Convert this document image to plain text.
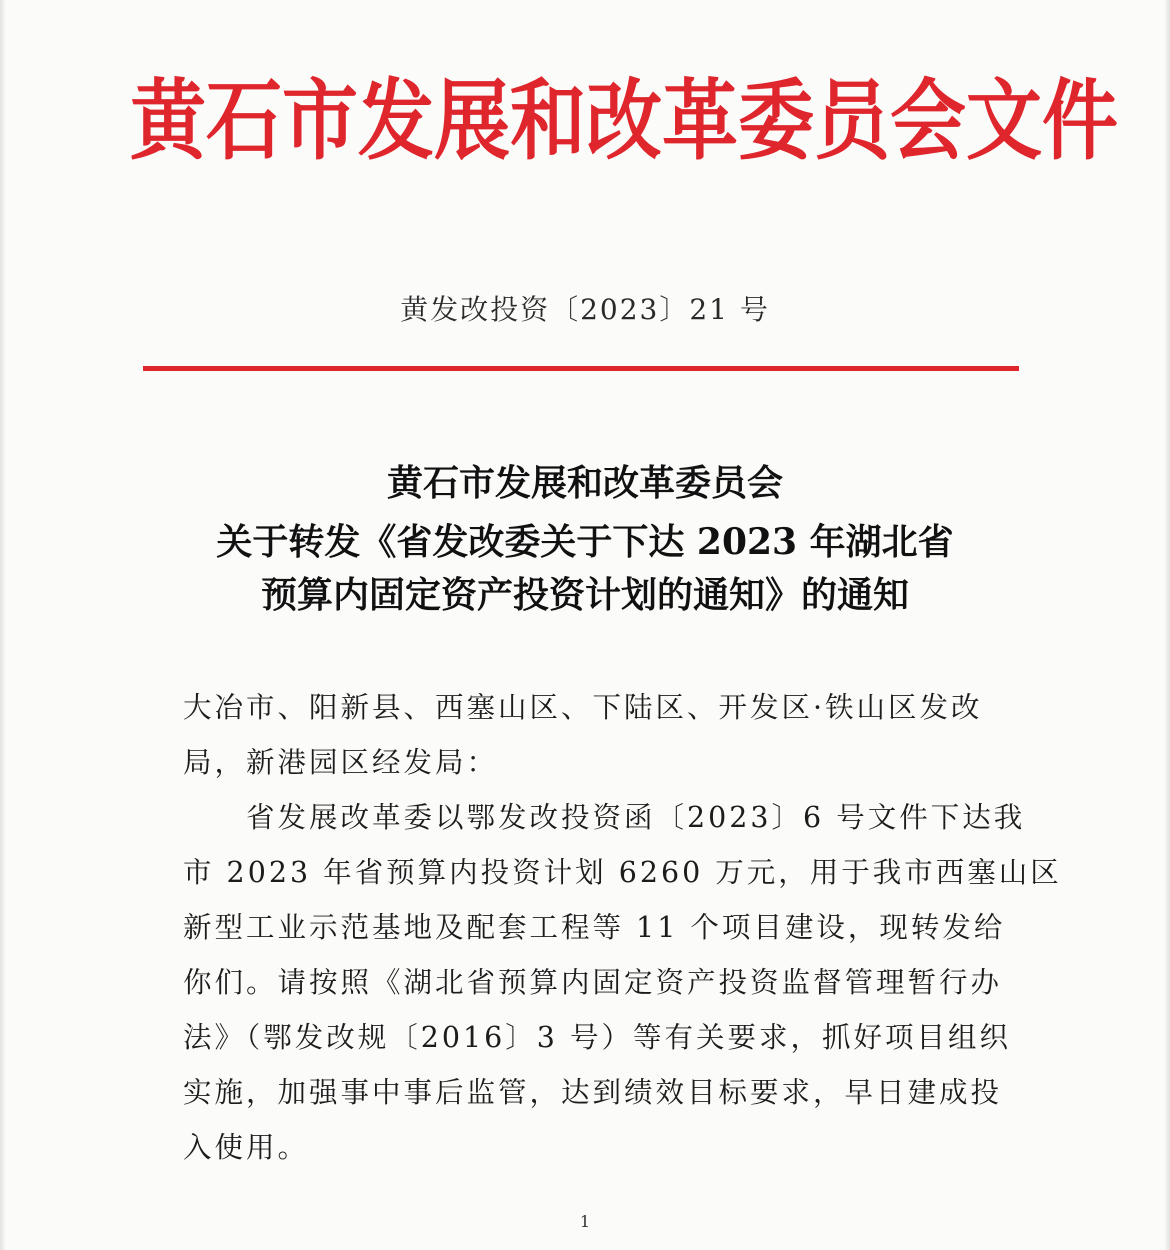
黄石市发展和改革委员会文件
黄发改投资〔2023〕21 号
黄石市发展和改革委员会
关于转发《省发改委关于下达 2023 年湖北省
预算内固定资产投资计划的通知》的通知
大冶市、阳新县、西塞山区、下陆区、开发区·铁山区发改
局，新港园区经发局：
　　省发展改革委以鄂发改投资函〔2023〕6 号文件下达我
市 2023 年省预算内投资计划 6260 万元，用于我市西塞山区
新型工业示范基地及配套工程等 11 个项目建设，现转发给
你们。请按照《湖北省预算内固定资产投资监督管理暂行办
法》（鄂发改规〔2016〕3 号）等有关要求，抓好项目组织
实施，加强事中事后监管，达到绩效目标要求，早日建成投
入使用。
1
